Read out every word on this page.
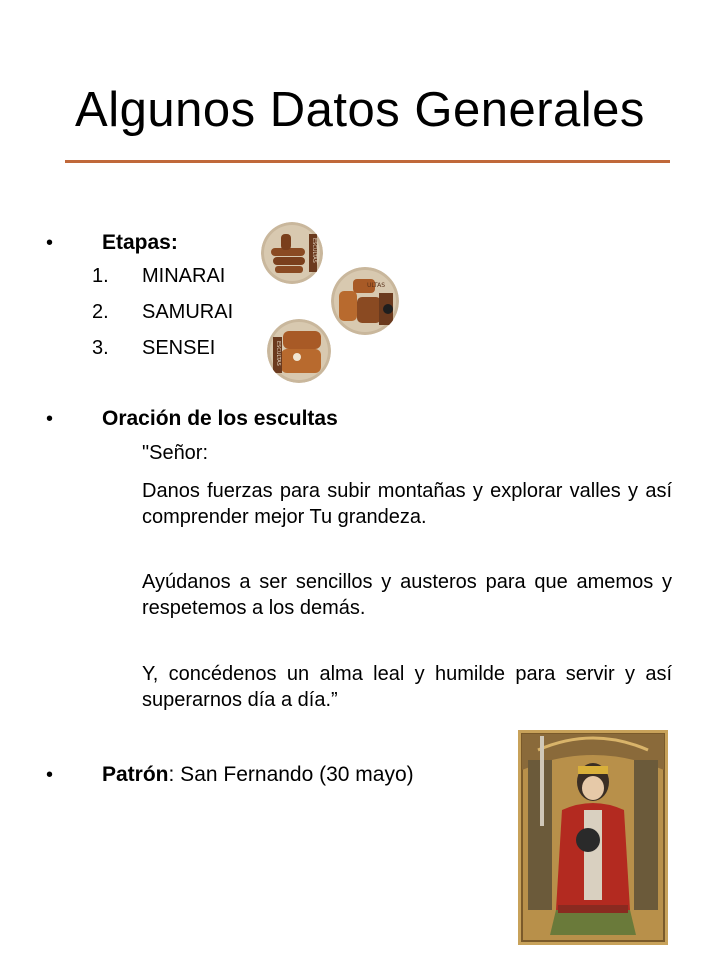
Algunos Datos Generales
• Etapas:
1. MINARAI
2. SAMURAI
3. SENSEI
ESCULTAS
ULTAS
ESCULTAS
• Oración de los escultas
"Señor:
Danos fuerzas para subir montañas y explorar valles y así comprender mejor Tu grandeza.
Ayúdanos a ser sencillos y austeros para que amemos y respetemos a los demás.
Y, concédenos un alma leal y humilde para servir y así superarnos día a día.”
• Patrón: San Fernando (30 mayo)
